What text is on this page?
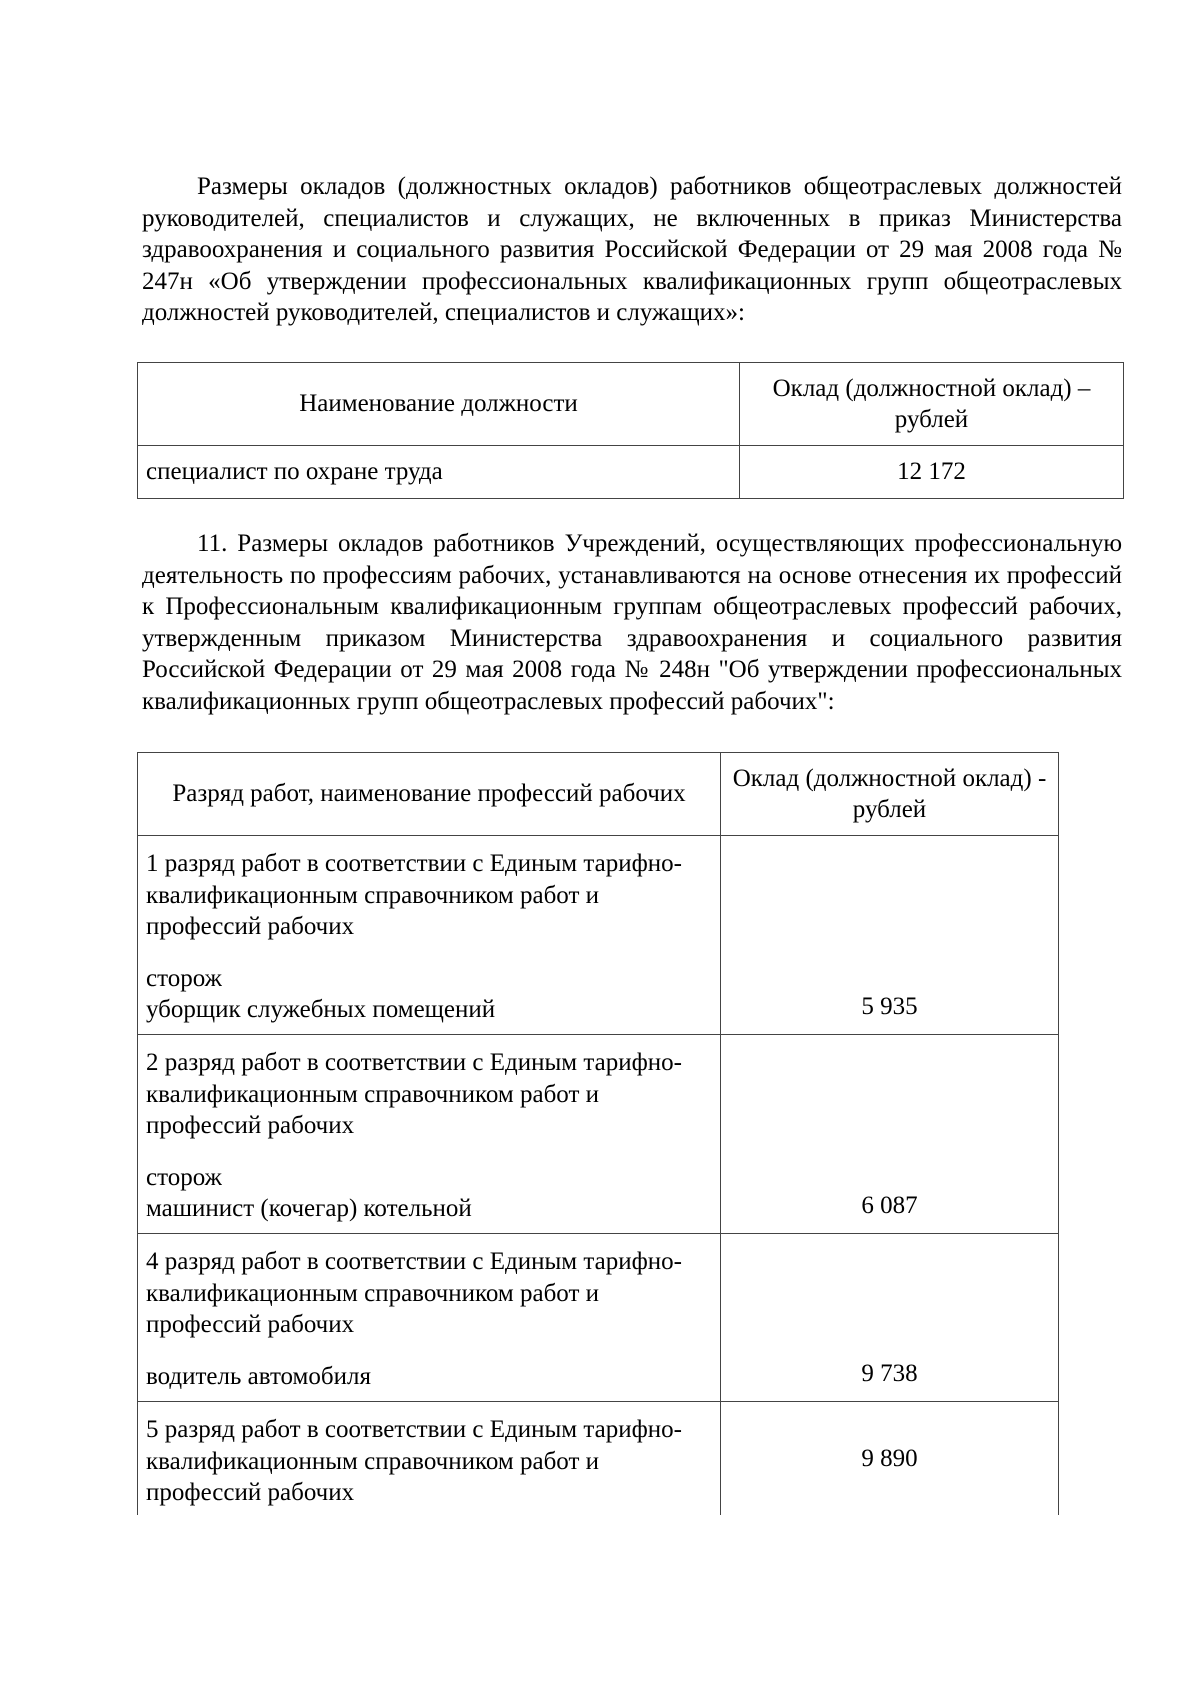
Размеры окладов (должностных окладов) работников общеотраслевых должностей руководителей, специалистов и служащих, не включенных в приказ Министерства здравоохранения и социального развития Российской Федерации от 29 мая 2008 года № 247н «Об утверждении профессиональных квалификационных групп общеотраслевых должностей руководителей, специалистов и служащих»:
Наименование должности	Оклад (должностной оклад) – рублей
специалист по охране труда	12 172
11. Размеры окладов работников Учреждений, осуществляющих профессиональную деятельность по профессиям рабочих, устанавливаются на основе отнесения их профессий к Профессиональным квалификационным группам общеотраслевых профессий рабочих, утвержденным приказом Министерства здравоохранения и социального развития Российской Федерации от 29 мая 2008 года № 248н "Об утверждении профессиональных квалификационных групп общеотраслевых профессий рабочих":
Разряд работ, наименование профессий рабочих	Оклад (должностной оклад) - рублей

1 разряд работ в соответствии с Единым тарифно-квалификационным справочником работ и профессий рабочих
сторож
уборщик служебных помещений	5 935

2 разряд работ в соответствии с Единым тарифно-квалификационным справочником работ и профессий рабочих
сторож
машинист (кочегар) котельной	6 087

4 разряд работ в соответствии с Единым тарифно-квалификационным справочником работ и профессий рабочих
водитель автомобиля	9 738

5 разряд работ в соответствии с Единым тарифно-квалификационным справочником работ и профессий рабочих	9 890
